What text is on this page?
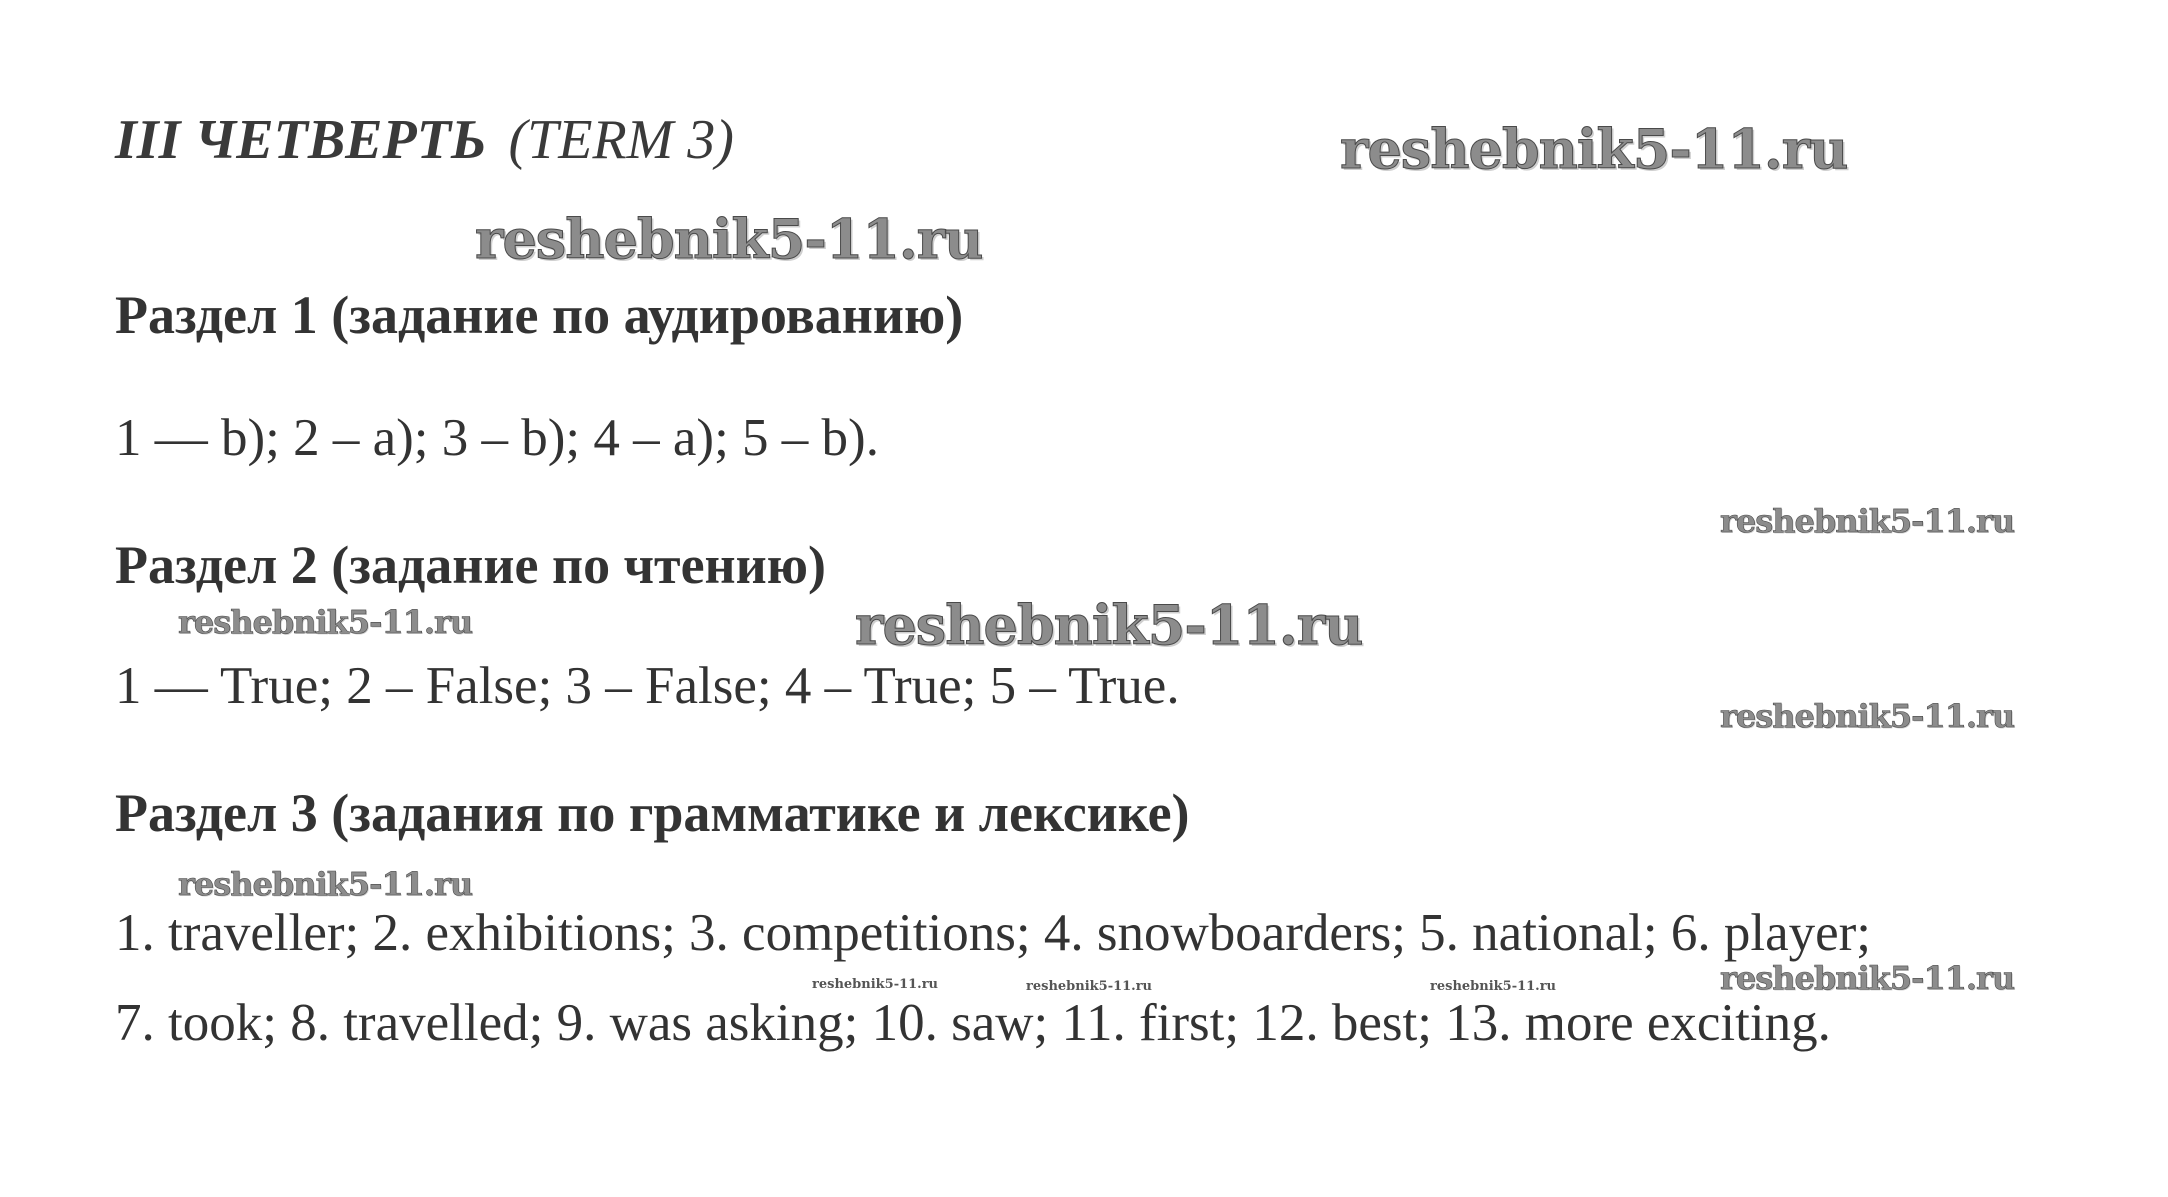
III ЧЕТВЕРТЬ (TERM 3)
Раздел 1 (задание по аудированию)
1 — b); 2 – a); 3 – b); 4 – a); 5 – b).
Раздел 2 (задание по чтению)
1 — True; 2 – False; 3 – False; 4 – True; 5 – True.
Раздел 3 (задания по грамматике и лексике)
1. traveller; 2. exhibitions; 3. competitions; 4. snowboarders; 5. national; 6. player;
7. took; 8. travelled; 9. was asking; 10. saw; 11. first; 12. best; 13. more exciting.
reshebnik5-11.ru
reshebnik5-11.ru
reshebnik5-11.ru
reshebnik5-11.ru	reshebnik5-11.ru
reshebnik5-11.ru
reshebnik5-11.ru
reshebnik5-11.ru
reshebnik5-11.ru	reshebnik5-11.ru	reshebnik5-11.ru
